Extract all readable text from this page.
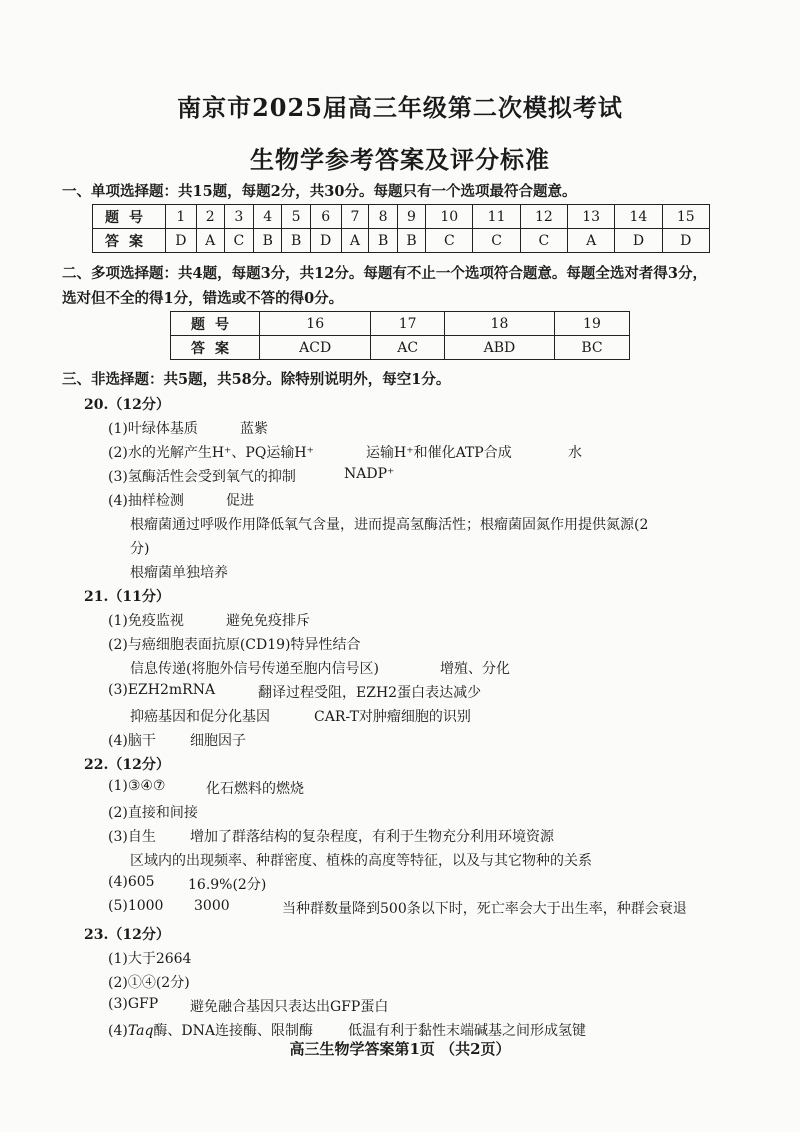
南京市2025届高三年级第二次模拟考试
生物学参考答案及评分标准
一、单项选择题：共15题，每题2分，共30分。每题只有一个选项最符合题意。
题号	1	2	3	4	5	6	7	8	9	10	11	12	13	14	15
答案	D	A	C	B	B	D	A	B	B	C	C	C	A	D	D
二、多项选择题：共4题，每题3分，共12分。每题有不止一个选项符合题意。每题全选对者得3分，
选对但不全的得1分，错选或不答的得0分。
题号	16	17	18	19
答案	ACD	AC	ABD	BC
三、非选择题：共5题，共58分。除特别说明外，每空1分。
20.（12分）
(1)叶绿体基质	蓝紫
(2)水的光解产生H⁺、PQ运输H⁺	运输H⁺和催化ATP合成	水
(3)氢酶活性会受到氧气的抑制	NADP⁺
(4)抽样检测	促进
根瘤菌通过呼吸作用降低氧气含量，进而提高氢酶活性；根瘤菌固氮作用提供氮源(2
分)
根瘤菌单独培养
21.（11分）
(1)免疫监视	避免免疫排斥
(2)与癌细胞表面抗原(CD19)特异性结合
信息传递(将胞外信号传递至胞内信号区)	增殖、分化
(3)EZH2mRNA	翻译过程受阻，EZH2蛋白表达减少
抑癌基因和促分化基因	CAR-T对肿瘤细胞的识别
(4)脑干 细胞因子
22.（12分）
(1)③④⑦	化石燃料的燃烧
(2)直接和间接
(3)自生 增加了群落结构的复杂程度，有利于生物充分利用环境资源
区域内的出现频率、种群密度、植株的高度等特征，以及与其它物种的关系
(4)605 16.9%(2分)
(5)1000 3000	当种群数量降到500条以下时，死亡率会大于出生率，种群会衰退
23.（12分）
(1)大于2664
(2)①④(2分)
(3)GFP 避免融合基因只表达出GFP蛋白
(4)Taq酶、DNA连接酶、限制酶	低温有利于黏性末端碱基之间形成氢键
高三生物学答案第1页 （共2页）
